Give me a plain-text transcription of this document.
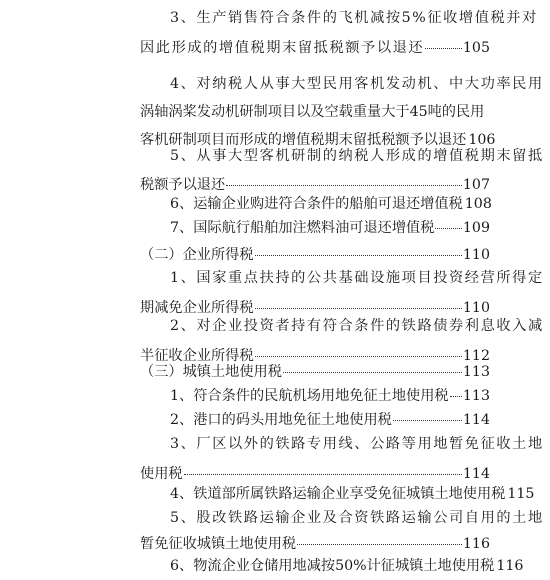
3、生产销售符合条件的飞机减按5%征收增值税并对
因此形成的增值税期末留抵税额予以退还	105
4、对纳税人从事大型民用客机发动机、中大功率民用
涡轴涡桨发动机研制项目以及空载重量大于45吨的民用
客机研制项目而形成的增值税期末留抵税额予以退还 106
5、从事大型客机研制的纳税人形成的增值税期末留抵
税额予以退还	107
6、运输企业购进符合条件的船舶可退还增值税 108
7、国际航行船舶加注燃料油可退还增值税 109
（二）企业所得税	110
1、国家重点扶持的公共基础设施项目投资经营所得定
期减免企业所得税	110
2、对企业投资者持有符合条件的铁路债券利息收入减
半征收企业所得税	112
（三）城镇土地使用税	113
1、符合条件的民航机场用地免征土地使用税 113
2、港口的码头用地免征土地使用税	114
3、厂区以外的铁路专用线、公路等用地暂免征收土地
使用税	114
4、铁道部所属铁路运输企业享受免征城镇土地使用税 115
5、股改铁路运输企业及合资铁路运输公司自用的土地
暂免征收城镇土地使用税	116
6、物流企业仓储用地减按50%计征城镇土地使用税 116
